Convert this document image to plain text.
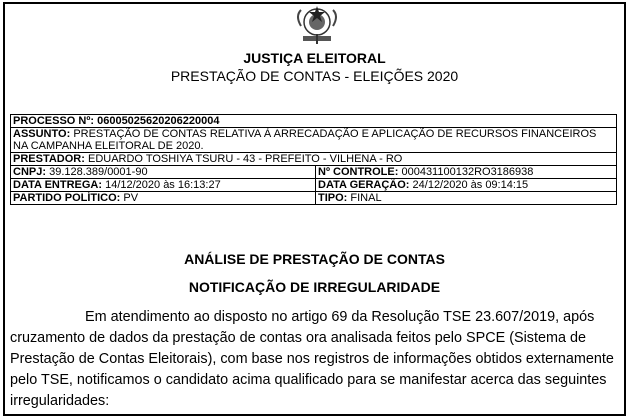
JUSTIÇA ELEITORAL
PRESTAÇÃO DE CONTAS - ELEIÇÕES 2020
PROCESSO Nº: 06005025620206220004	
ASSUNTO: PRESTAÇÃO DE CONTAS RELATIVA À ARRECADAÇÃO E APLICAÇÃO DE RECURSOS FINANCEIROS NA CAMPANHA ELEITORAL DE 2020.	
PRESTADOR: EDUARDO TOSHIYA TSURU - 43 - PREFEITO - VILHENA - RO	
CNPJ: 39.128.389/0001-90	Nº CONTROLE: 000431100132RO3186938
DATA ENTREGA: 14/12/2020 às 16:13:27	DATA GERAÇÃO: 24/12/2020 às 09:14:15
PARTIDO POLÍTICO: PV	TIPO: FINAL
ANÁLISE DE PRESTAÇÃO DE CONTAS
NOTIFICAÇÃO DE IRREGULARIDADE
Em atendimento ao disposto no artigo 69 da Resolução TSE 23.607/2019, após cruzamento de dados da prestação de contas ora analisada feitos pelo SPCE (Sistema de Prestação de Contas Eleitorais), com base nos registros de informações obtidos externamente pelo TSE, notificamos o candidato acima qualificado para se manifestar acerca das seguintes irregularidades:
